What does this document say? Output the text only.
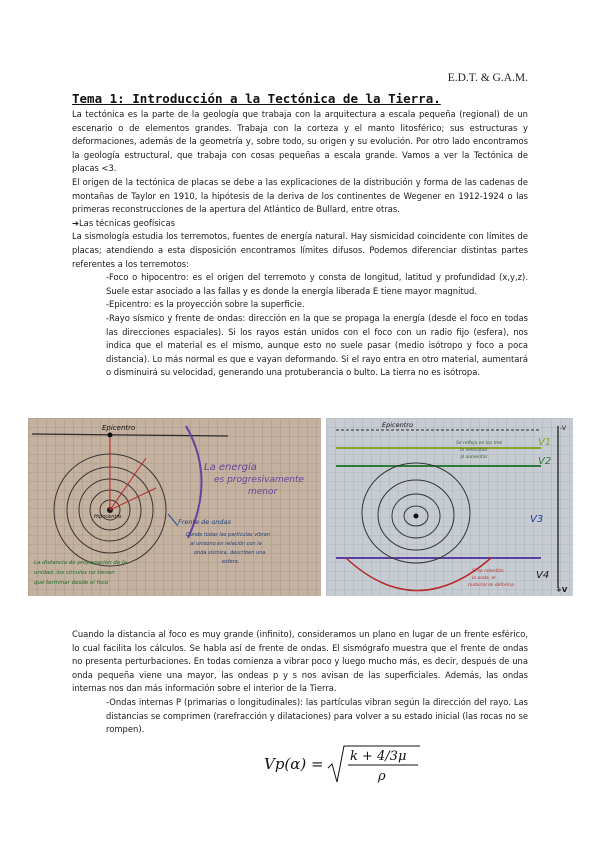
E.D.T. & G.A.M.
Tema 1: Introducción a la Tectónica de la Tierra.

La tectónica es la parte de la geología que trabaja con la arquitectura a escala pequeña (regional) de un escenario o de elementos grandes. Trabaja con la corteza y el manto litosférico; sus estructuras y deformaciones, además de la geometría y, sobre todo, su origen y su evolución. Por otro lado encontramos la geología estructural, que trabaja con cosas pequeñas a escala grande. Vamos a ver la Tectónica de placas <3.

El origen de la tectónica de placas se debe a las explicaciones de la distribución y forma de las cadenas de montañas de Taylor en 1910, la hipótesis de la deriva de los continentes de Wegener en 1912-1924 o las primeras reconstrucciones de la apertura del Atlántico de Bullard, entre otras.

➔Las técnicas geofísicas

La sismología estudia los terremotos, fuentes de energía natural. Hay sismicidad coincidente con límites de placas; atendiendo a esta disposición encontramos límites difusos. Podemos diferenciar distintas partes referentes a los terremotos:

-Foco o hipocentro: es el origen del terremoto y consta de longitud, latitud y profundidad (x,y,z). Suele estar asociado a las fallas y es donde la energía liberada E tiene mayor magnitud.

-Epicentro: es la proyección sobre la superficie.

-Rayo sísmico y frente de ondas: dirección en la que se propaga la energía (desde el foco en todas las direcciones espaciales). Si los rayos están unidos con el foco con un radio fijo (esfera), nos indica que el material es el mismo, aunque esto no suele pasar (medio isótropo y foco a poca distancia). Lo más normal es que e vayan deformando. Si el rayo entra en otro material, aumentará o disminuirá su velocidad, generando una protuberancia o bulto. La tierra no es isótropa.

Epicentro
Hipocentro
La energía
es progresivamente
menor
Frente de ondas
Donde todas las partículas vibran
al unísono en relación con la
onda sísmica, describen una
esfera.
La distancia de propagación de la
unidad, los círculos no tienen
que terminar desde el foco
Epicentro
V1
V2
V3
V4
-V
+V
Se refleja en los tres
la velocidad
al aumentar
Si se ralentiza
la onda, el
material se deforma

Cuando la distancia al foco es muy grande (infinito), consideramos un plano en lugar de un frente esférico, lo cual facilita los cálculos. Se habla así de frente de ondas. El sismógrafo muestra que el frente de ondas no presenta perturbaciones. En todas comienza a vibrar poco y luego mucho más, es decir, después de una onda pequeña viene una mayor, las ondeas p y s nos avisan de las superficiales. Además, las ondas internas nos dan más información sobre el interior de la Tierra.

-Ondas internas P (primarias o longitudinales): las partículas vibran según la dirección del rayo. Las distancias se comprimen (rarefracción y dilataciones) para volver a su estado inicial (las rocas no se rompen).

Vp(α) = k + 4/3μ
ρ
